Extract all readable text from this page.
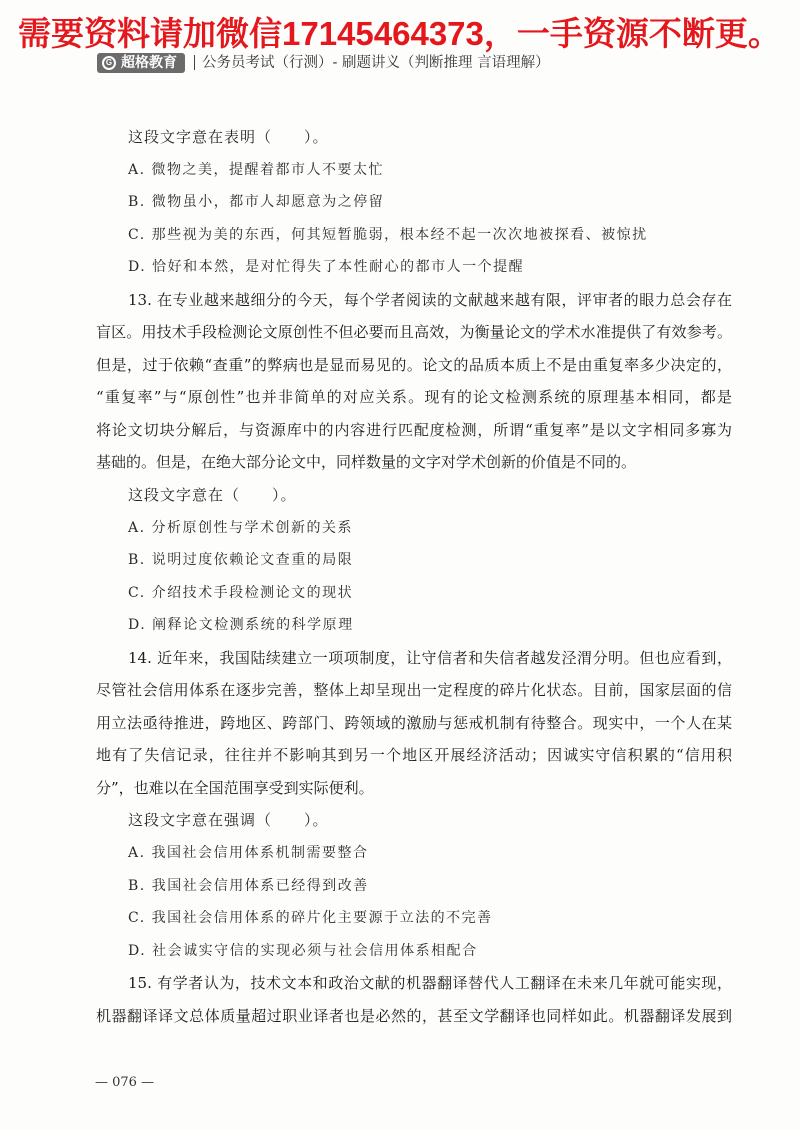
需要资料请加微信17145464373，一手资源不断更。
G 超格教育 公务员考试（行测）- 刷题讲义（判断推理 言语理解）
这段文字意在表明（　　）。
A. 微物之美，提醒着都市人不要太忙
B. 微物虽小，都市人却愿意为之停留
C. 那些视为美的东西，何其短暂脆弱，根本经不起一次次地被探看、被惊扰
D. 恰好和本然，是对忙得失了本性耐心的都市人一个提醒
13. 在专业越来越细分的今天，每个学者阅读的文献越来越有限，评审者的眼力总会存在
盲区。用技术手段检测论文原创性不但必要而且高效，为衡量论文的学术水准提供了有效参考。
但是，过于依赖“查重”的弊病也是显而易见的。论文的品质本质上不是由重复率多少决定的，
“重复率”与“原创性”也并非简单的对应关系。现有的论文检测系统的原理基本相同，都是
将论文切块分解后，与资源库中的内容进行匹配度检测，所谓“重复率”是以文字相同多寡为
基础的。但是，在绝大部分论文中，同样数量的文字对学术创新的价值是不同的。
这段文字意在（　　）。
A. 分析原创性与学术创新的关系
B. 说明过度依赖论文查重的局限
C. 介绍技术手段检测论文的现状
D. 阐释论文检测系统的科学原理
14. 近年来，我国陆续建立一项项制度，让守信者和失信者越发泾渭分明。但也应看到，
尽管社会信用体系在逐步完善，整体上却呈现出一定程度的碎片化状态。目前，国家层面的信
用立法亟待推进，跨地区、跨部门、跨领域的激励与惩戒机制有待整合。现实中，一个人在某
地有了失信记录，往往并不影响其到另一个地区开展经济活动；因诚实守信积累的“信用积
分”，也难以在全国范围享受到实际便利。
这段文字意在强调（　　）。
A. 我国社会信用体系机制需要整合
B. 我国社会信用体系已经得到改善
C. 我国社会信用体系的碎片化主要源于立法的不完善
D. 社会诚实守信的实现必须与社会信用体系相配合
15. 有学者认为，技术文本和政治文献的机器翻译替代人工翻译在未来几年就可能实现，
机器翻译译文总体质量超过职业译者也是必然的，甚至文学翻译也同样如此。机器翻译发展到
— 076 —
